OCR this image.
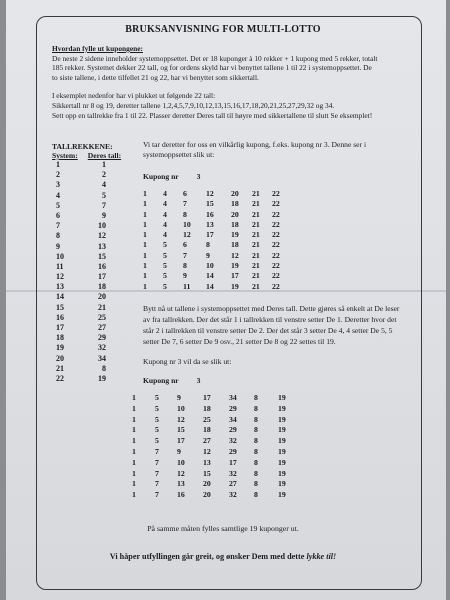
BRUKSANVISNING FOR MULTI-LOTTO

Hvordan fylle ut kupongene:

De neste 2 sidene inneholder systemoppsettet. Det er 18 kuponger à 10 rekker + 1 kupong med 5 rekker, totalt

185 rekker. Systemet dekker 22 tall, og for ordens skyld har vi benyttet tallene 1 til 22 i systemoppsettet. De

to siste tallene, i dette tilfellet 21 og 22, har vi benyttet som sikkertall.

I eksemplet nedenfor har vi plukket ut følgende 22 tall:

Sikkertall nr 8 og 19, deretter tallene 1,2,4,5,7,9,10,12,13,15,16,17,18,20,21,25,27,29,32 og 34.

Sett opp en tallrekke fra 1 til 22. Plasser deretter Deres tall til høyre med sikkertallene til slutt Se eksemplet!

TALLREKKENE:
System: Deres tall:
1	1
2	2
3	4
4	5
5	7
6	9
7	10
8	12
9	13
10	15
11	16
12	17
13	18
14	20
15	21
16	25
17	27
18	29
19	32
20	34
21	8
22	19
Vi tar deretter for oss en vilkårlig kupong, f.eks. kupong nr 3. Denne ser i systemoppsettet slik ut:
Kupong nr 3
1	4	6	12	20	21	22
1	4	7	15	18	21	22
1	4	8	16	20	21	22
1	4	10	13	18	21	22
1	4	12	17	19	21	22
1	5	6	8	18	21	22
1	5	7	9	12	21	22
1	5	8	10	19	21	22
1	5	9	14	17	21	22
1	5	11	14	19	21	22
Bytt nå ut tallene i systemoppsettet med Deres tall. Dette gjøres så enkelt at De leser av fra tallrekken. Der det står 1 i tallrekken til venstre setter De 1. Deretter hvor det står 2 i tallrekken til venstre setter De 2. Der det står 3 setter De 4, 4 setter De 5, 5 setter De 7, 6 setter De 9 osv., 21 setter De 8 og 22 settes til 19.
Kupong nr 3 vil da se slik ut:
Kupong nr 3
1	5	9	17	34	8	19
1	5	10	18	29	8	19
1	5	12	25	34	8	19
1	5	15	18	29	8	19
1	5	17	27	32	8	19
1	7	9	12	29	8	19
1	7	10	13	17	8	19
1	7	12	15	32	8	19
1	7	13	20	27	8	19
1	7	16	20	32	8	19
På samme måten fylles samtlige 19 kuponger ut.
Vi håper utfyllingen går greit, og ønsker Dem med dette lykke til!
